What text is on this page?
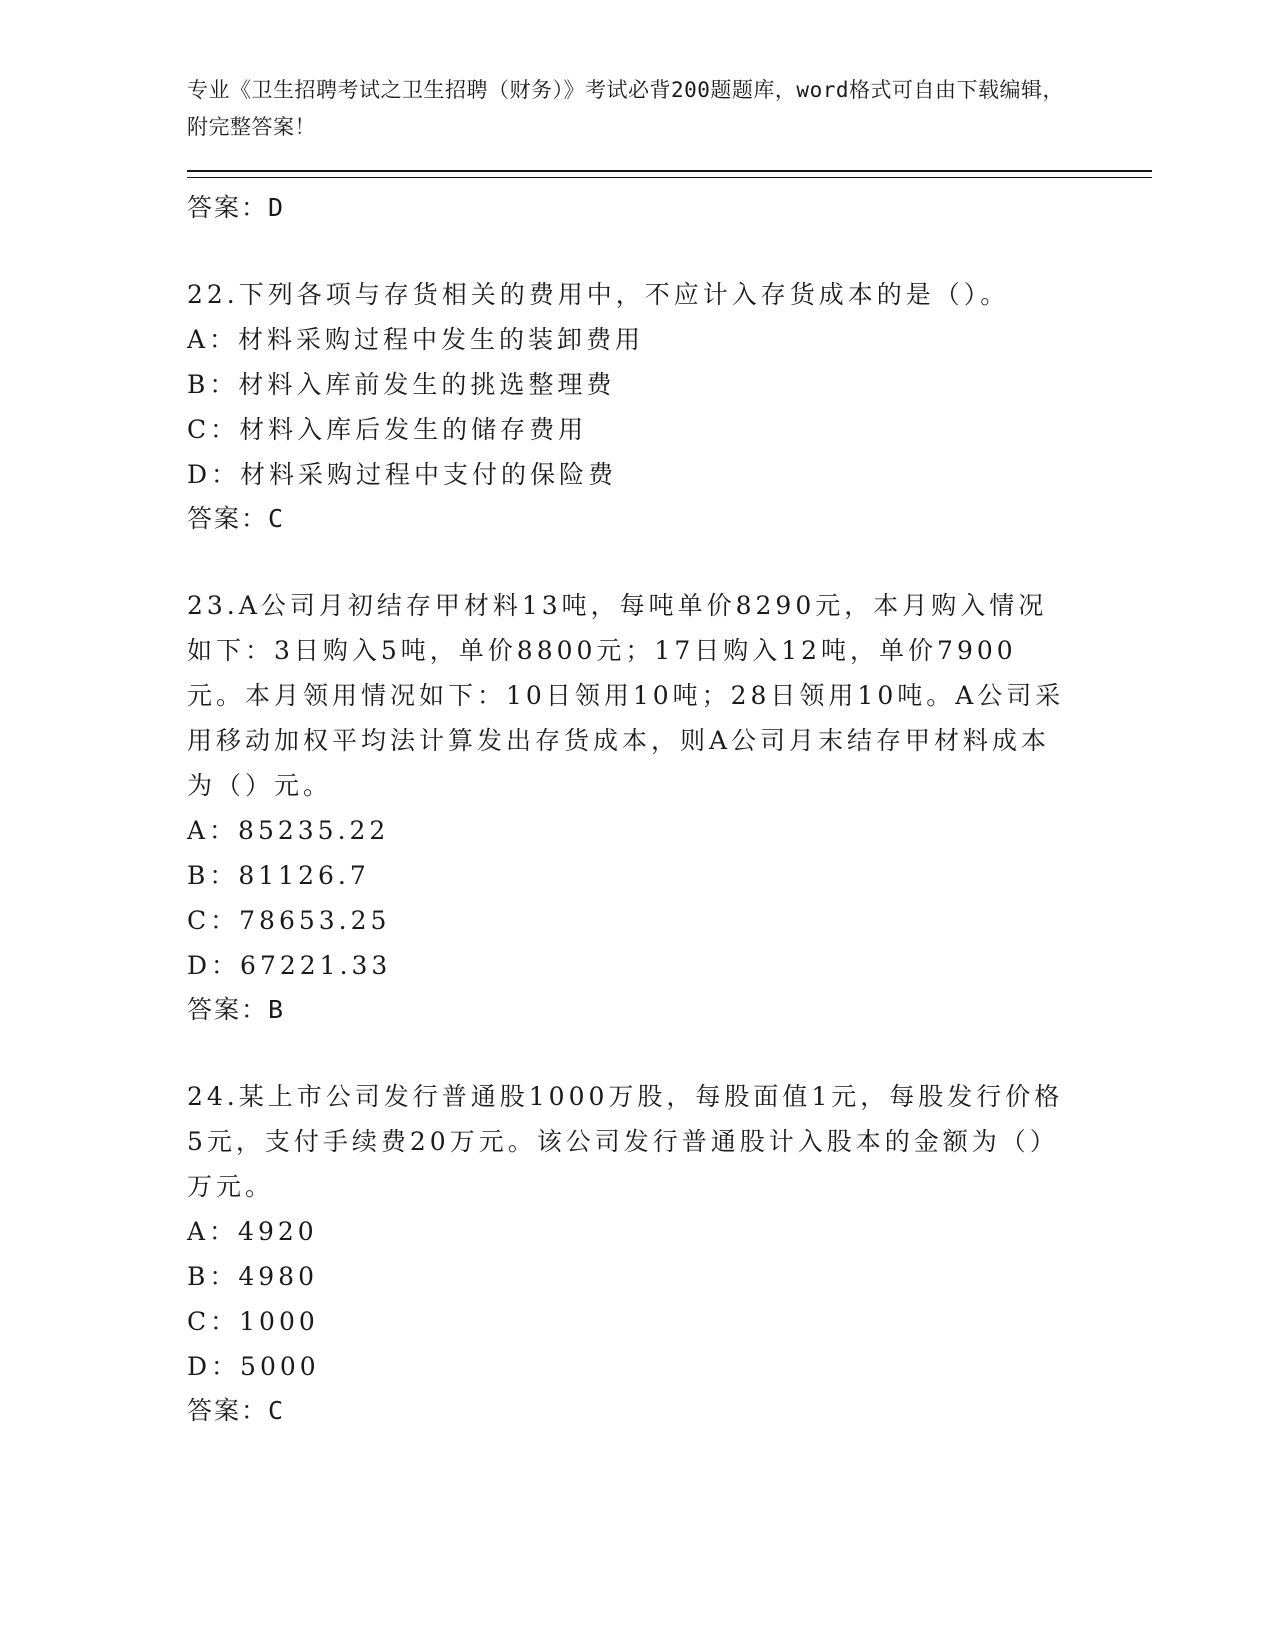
专业《卫生招聘考试之卫生招聘（财务）》考试必背200题题库，word格式可自由下载编辑，附完整答案！
答案：D
22.下列各项与存货相关的费用中，不应计入存货成本的是（）。
A：材料采购过程中发生的装卸费用
B：材料入库前发生的挑选整理费
C：材料入库后发生的储存费用
D：材料采购过程中支付的保险费
答案：C
23.A公司月初结存甲材料13吨，每吨单价8290元，本月购入情况如下：3日购入5吨，单价8800元；17日购入12吨，单价7900元。本月领用情况如下：10日领用10吨；28日领用10吨。A公司采用移动加权平均法计算发出存货成本，则A公司月末结存甲材料成本为（）元。
A：85235.22
B：81126.7
C：78653.25
D：67221.33
答案：B
24.某上市公司发行普通股1000万股，每股面值1元，每股发行价格5元，支付手续费20万元。该公司发行普通股计入股本的金额为（）万元。
A：4920
B：4980
C：1000
D：5000
答案：C
